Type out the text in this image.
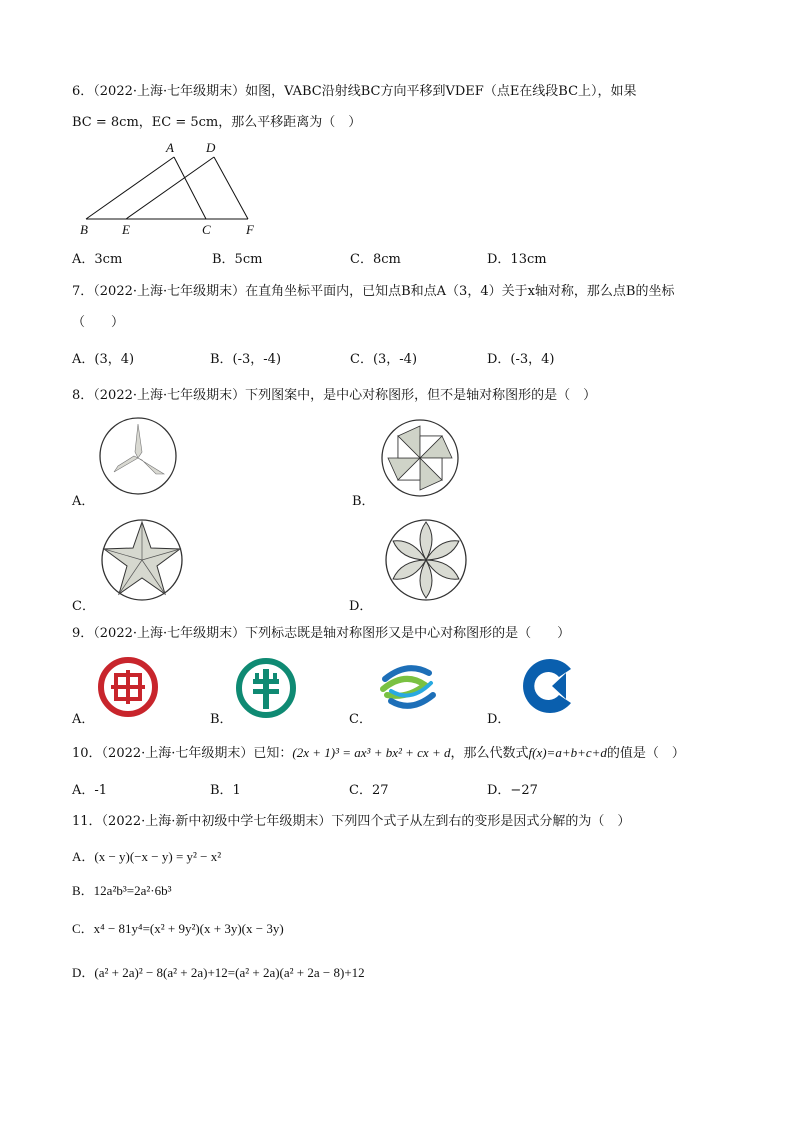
6．（2022·上海·七年级期末）如图，VABC沿射线BC方向平移到VDEF（点E在线段BC上），如果
BC = 8cm，EC = 5cm，那么平移距离为（　）
A D
B	E	C	F
A．3cm	B．5cm	C．8cm	D．13cm
7．（2022·上海·七年级期末）在直角坐标平面内，已知点B和点A（3，4）关于x轴对称，那么点B的坐标
（　　）
A．(3，4)	B．(-3，-4)	C．(3，-4)	D．(-3，4)
8．（2022·上海·七年级期末）下列图案中，是中心对称图形，但不是轴对称图形的是（　）
A．	B．
C．	D．
9．（2022·上海·七年级期末）下列标志既是轴对称图形又是中心对称图形的是（　　）
A．	B．	C．	D．
10．（2022·上海·七年级期末）已知：(2x + 1)³ = ax³ + bx² + cx + d，那么代数式f(x)=a+b+c+d的值是（　）
A．-1	B．1	C．27	D．−27
11．（2022·上海·新中初级中学七年级期末）下列四个式子从左到右的变形是因式分解的为（　）
A．(x − y)(−x − y) = y² − x²
B．12a²b³=2a²·6b³
C．x⁴ − 81y⁴=(x² + 9y²)(x + 3y)(x − 3y)
D．(a² + 2a)² − 8(a² + 2a)+12=(a² + 2a)(a² + 2a − 8)+12
